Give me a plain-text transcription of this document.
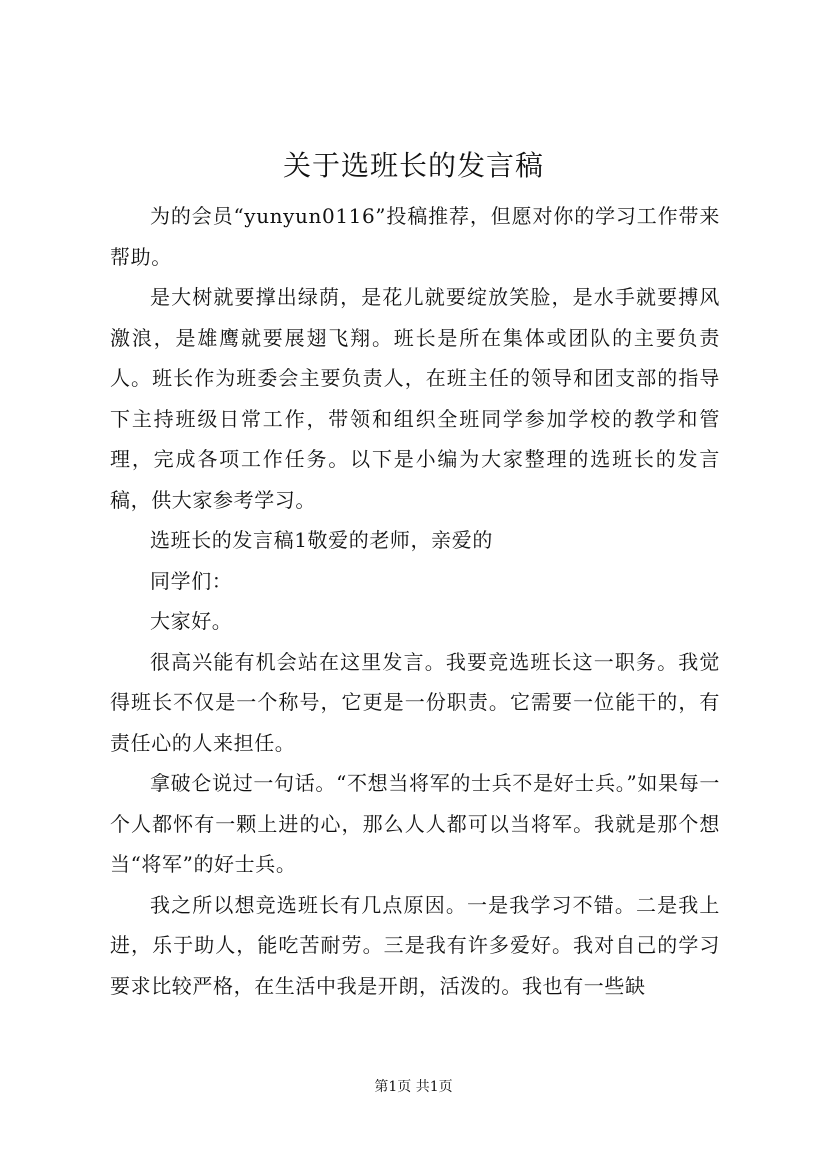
关于选班长的发言稿

为的会员“yunyun0116”投稿推荐，但愿对你的学习工作带来帮助。

是大树就要撑出绿荫，是花儿就要绽放笑脸，是水手就要搏风激浪，是雄鹰就要展翅飞翔。班长是所在集体或团队的主要负责人。班长作为班委会主要负责人，在班主任的领导和团支部的指导下主持班级日常工作，带领和组织全班同学参加学校的教学和管理，完成各项工作任务。以下是小编为大家整理的选班长的发言稿，供大家参考学习。

选班长的发言稿1敬爱的老师，亲爱的

同学们：

大家好。

很高兴能有机会站在这里发言。我要竞选班长这一职务。我觉得班长不仅是一个称号，它更是一份职责。它需要一位能干的，有责任心的人来担任。

拿破仑说过一句话。“不想当将军的士兵不是好士兵。”如果每一个人都怀有一颗上进的心，那么人人都可以当将军。我就是那个想当“将军”的好士兵。

我之所以想竞选班长有几点原因。一是我学习不错。二是我上进，乐于助人，能吃苦耐劳。三是我有许多爱好。我对自己的学习要求比较严格，在生活中我是开朗，活泼的。我也有一些缺

第1页 共1页
